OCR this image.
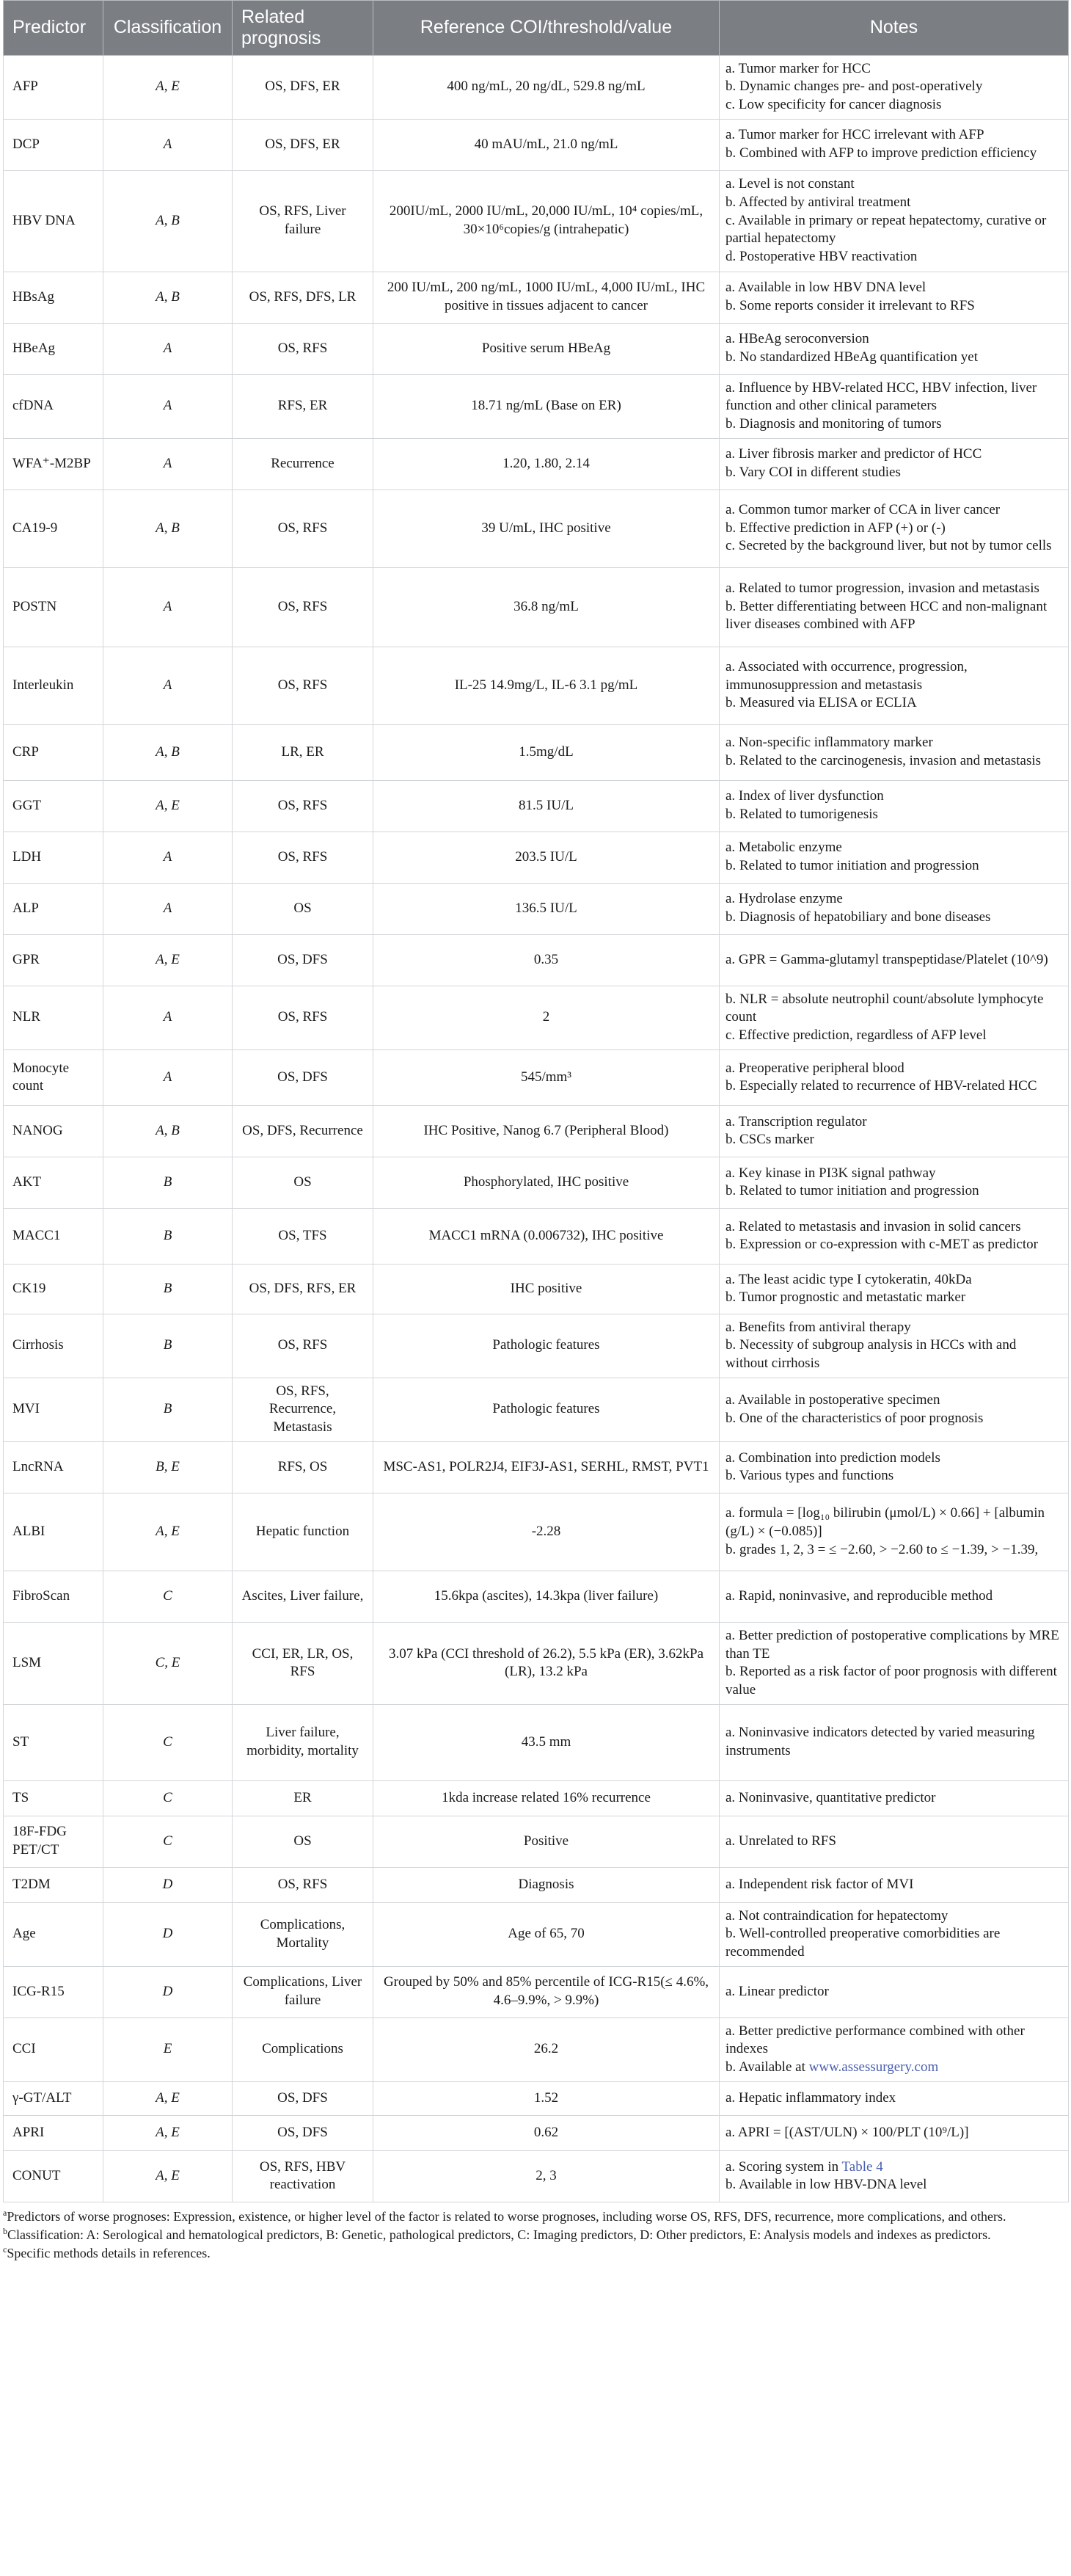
Predictor	Classification	Related prognosis	Reference COI/threshold/value	Notes
AFP	A, E	OS, DFS, ER	400 ng/mL, 20 ng/dL, 529.8 ng/mL	a. Tumor marker for HCC
b. Dynamic changes pre- and post-operatively
c. Low specificity for cancer diagnosis

DCP	A	OS, DFS, ER	40 mAU/mL, 21.0 ng/mL	a. Tumor marker for HCC irrelevant with AFP
b. Combined with AFP to improve prediction efficiency

HBV DNA	A, B	OS, RFS, Liver failure	200IU/mL, 2000 IU/mL, 20,000 IU/mL, 10⁴ copies/mL, 30×10⁶copies/g (intrahepatic)	a. Level is not constant
b. Affected by antiviral treatment
c. Available in primary or repeat hepatectomy, curative or partial hepatectomy
d. Postoperative HBV reactivation

HBsAg	A, B	OS, RFS, DFS, LR	200 IU/mL, 200 ng/mL, 1000 IU/mL, 4,000 IU/mL, IHC positive in tissues adjacent to cancer	a. Available in low HBV DNA level
b. Some reports consider it irrelevant to RFS

HBeAg	A	OS, RFS	Positive serum HBeAg	a. HBeAg seroconversion
b. No standardized HBeAg quantification yet

cfDNA	A	RFS, ER	18.71 ng/mL (Base on ER)	a. Influence by HBV-related HCC, HBV infection, liver function and other clinical parameters
b. Diagnosis and monitoring of tumors

WFA⁺-M2BP	A	Recurrence	1.20, 1.80, 2.14	a. Liver fibrosis marker and predictor of HCC
b. Vary COI in different studies

CA19-9	A, B	OS, RFS	39 U/mL, IHC positive	a. Common tumor marker of CCA in liver cancer
b. Effective prediction in AFP (+) or (-)
c. Secreted by the background liver, but not by tumor cells

POSTN	A	OS, RFS	36.8 ng/mL	a. Related to tumor progression, invasion and metastasis
b. Better differentiating between HCC and non-malignant liver diseases combined with AFP

Interleukin	A	OS, RFS	IL-25 14.9mg/L, IL-6 3.1 pg/mL	a. Associated with occurrence, progression, immunosuppression and metastasis
b. Measured via ELISA or ECLIA

CRP	A, B	LR, ER	1.5mg/dL	a. Non-specific inflammatory marker
b. Related to the carcinogenesis, invasion and metastasis

GGT	A, E	OS, RFS	81.5 IU/L	a. Index of liver dysfunction
b. Related to tumorigenesis

LDH	A	OS, RFS	203.5 IU/L	a. Metabolic enzyme
b. Related to tumor initiation and progression

ALP	A	OS	136.5 IU/L	a. Hydrolase enzyme
b. Diagnosis of hepatobiliary and bone diseases

GPR	A, E	OS, DFS	0.35	a. GPR = Gamma-glutamyl transpeptidase/Platelet (10^9)

NLR	A	OS, RFS	2	b. NLR = absolute neutrophil count/absolute lymphocyte count
c. Effective prediction, regardless of AFP level

Monocyte count	A	OS, DFS	545/mm³	a. Preoperative peripheral blood
b. Especially related to recurrence of HBV-related HCC

NANOG	A, B	OS, DFS, Recurrence	IHC Positive, Nanog 6.7 (Peripheral Blood)	a. Transcription regulator
b. CSCs marker

AKT	B	OS	Phosphorylated, IHC positive	a. Key kinase in PI3K signal pathway
b. Related to tumor initiation and progression

MACC1	B	OS, TFS	MACC1 mRNA (0.006732), IHC positive	a. Related to metastasis and invasion in solid cancers
b. Expression or co-expression with c-MET as predictor

CK19	B	OS, DFS, RFS, ER	IHC positive	a. The least acidic type I cytokeratin, 40kDa
b. Tumor prognostic and metastatic marker

Cirrhosis	B	OS, RFS	Pathologic features	a. Benefits from antiviral therapy
b. Necessity of subgroup analysis in HCCs with and without cirrhosis

MVI	B	OS, RFS, Recurrence, Metastasis	Pathologic features	a. Available in postoperative specimen
b. One of the characteristics of poor prognosis

LncRNA	B, E	RFS, OS	MSC-AS1, POLR2J4, EIF3J-AS1, SERHL, RMST, PVT1	a. Combination into prediction models
b. Various types and functions

ALBI	A, E	Hepatic function	-2.28	a. formula = [log₁₀ bilirubin (μmol/L) × 0.66] + [albumin (g/L) × (−0.085)]
b. grades 1, 2, 3 = ≤ −2.60, > −2.60 to ≤ −1.39, > −1.39,

FibroScan	C	Ascites, Liver failure,	15.6kpa (ascites), 14.3kpa (liver failure)	a. Rapid, noninvasive, and reproducible method

LSM	C, E	CCI, ER, LR, OS, RFS	3.07 kPa (CCI threshold of 26.2), 5.5 kPa (ER), 3.62kPa (LR), 13.2 kPa	a. Better prediction of postoperative complications by MRE than TE
b. Reported as a risk factor of poor prognosis with different value

ST	C	Liver failure, morbidity, mortality	43.5 mm	a. Noninvasive indicators detected by varied measuring instruments

TS	C	ER	1kda increase related 16% recurrence	a. Noninvasive, quantitative predictor

18F-FDG PET/CT	C	OS	Positive	a. Unrelated to RFS

T2DM	D	OS, RFS	Diagnosis	a. Independent risk factor of MVI

Age	D	Complications, Mortality	Age of 65, 70	a. Not contraindication for hepatectomy
b. Well-controlled preoperative comorbidities are recommended

ICG-R15	D	Complications, Liver failure	Grouped by 50% and 85% percentile of ICG-R15(≤ 4.6%, 4.6–9.9%, > 9.9%)	a. Linear predictor

CCI	E	Complications	26.2	a. Better predictive performance combined with other indexes
b. Available at www.assessurgery.com

γ-GT/ALT	A, E	OS, DFS	1.52	a. Hepatic inflammatory index

APRI	A, E	OS, DFS	0.62	a. APRI = [(AST/ULN) × 100/PLT (10⁹/L)]

CONUT	A, E	OS, RFS, HBV reactivation	2, 3	a. Scoring system in Table 4
b. Available in low HBV-DNA level
$^a$Predictors of worse prognoses: Expression, existence, or higher level of the factor is related to worse prognoses, including worse OS, RFS, DFS, recurrence, more complications, and others.
$^b$Classification: A: Serological and hematological predictors, B: Genetic, pathological predictors, C: Imaging predictors, D: Other predictors, E: Analysis models and indexes as predictors.
$^c$Specific methods details in references.
